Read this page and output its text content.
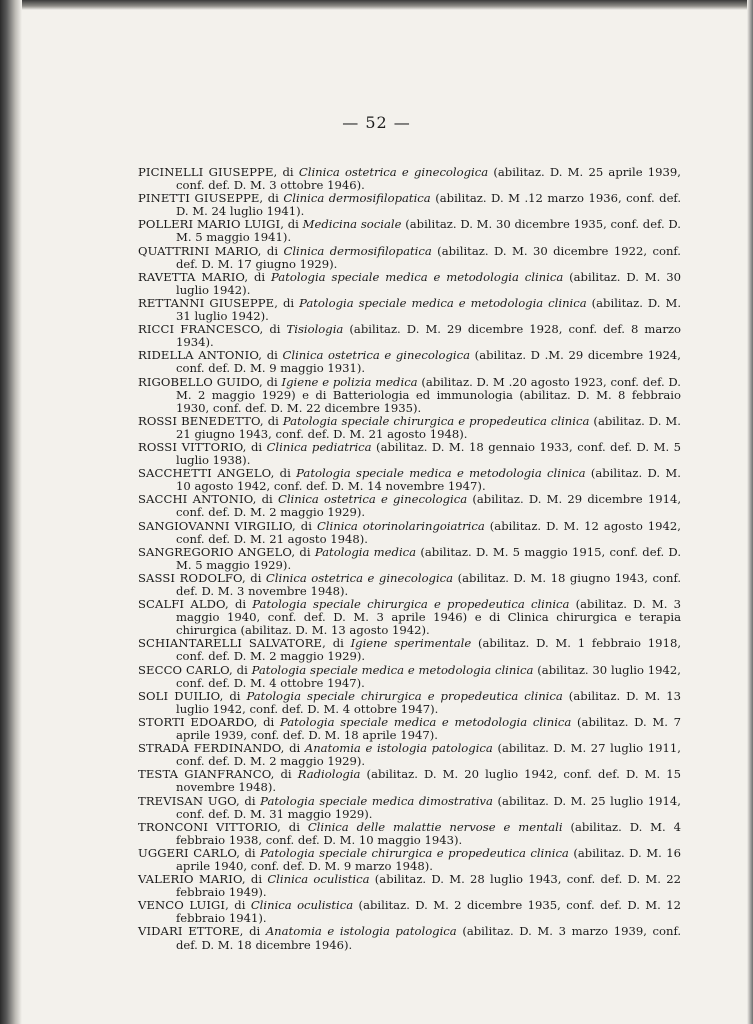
— 52 —
PICINELLI GIUSEPPE, di Clinica ostetrica e ginecologica (abilitaz. D. M. 25 aprile 1939, conf. def. D. M. 3 ottobre 1946).
PINETTI GIUSEPPE, di Clinica dermosifilopatica (abilitaz. D. M .12 marzo 1936, conf. def. D. M. 24 luglio 1941).
POLLERI MARIO LUIGI, di Medicina sociale (abilitaz. D. M. 30 dicembre 1935, conf. def. D. M. 5 maggio 1941).
QUATTRINI MARIO, di Clinica dermosifilopatica (abilitaz. D. M. 30 dicembre 1922, conf. def. D. M. 17 giugno 1929).
RAVETTA MARIO, di Patologia speciale medica e metodologia clinica (abilitaz. D. M. 30 luglio 1942).
RETTANNI GIUSEPPE, di Patologia speciale medica e metodologia clinica (abilitaz. D. M. 31 luglio 1942).
RICCI FRANCESCO, di Tisiologia (abilitaz. D. M. 29 dicembre 1928, conf. def. 8 marzo 1934).
RIDELLA ANTONIO, di Clinica ostetrica e ginecologica (abilitaz. D .M. 29 dicembre 1924, conf. def. D. M. 9 maggio 1931).
RIGOBELLO GUIDO, di Igiene e polizia medica (abilitaz. D. M .20 agosto 1923, conf. def. D. M. 2 maggio 1929) e di Batteriologia ed immunologia (abilitaz. D. M. 8 febbraio 1930, conf. def. D. M. 22 dicembre 1935).
ROSSI BENEDETTO, di Patologia speciale chirurgica e propedeutica clinica (abilitaz. D. M. 21 giugno 1943, conf. def. D. M. 21 agosto 1948).
ROSSI VITTORIO, di Clinica pediatrica (abilitaz. D. M. 18 gennaio 1933, conf. def. D. M. 5 luglio 1938).
SACCHETTI ANGELO, di Patologia speciale medica e metodologia clinica (abilitaz. D. M. 10 agosto 1942, conf. def. D. M. 14 novembre 1947).
SACCHI ANTONIO, di Clinica ostetrica e ginecologica (abilitaz. D. M. 29 dicembre 1914, conf. def. D. M. 2 maggio 1929).
SANGIOVANNI VIRGILIO, di Clinica otorinolaringoiatrica (abilitaz. D. M. 12 agosto 1942, conf. def. D. M. 21 agosto 1948).
SANGREGORIO ANGELO, di Patologia medica (abilitaz. D. M. 5 maggio 1915, conf. def. D. M. 5 maggio 1929).
SASSI RODOLFO, di Clinica ostetrica e ginecologica (abilitaz. D. M. 18 giugno 1943, conf. def. D. M. 3 novembre 1948).
SCALFI ALDO, di Patologia speciale chirurgica e propedeutica clinica (abilitaz. D. M. 3 maggio 1940, conf. def. D. M. 3 aprile 1946) e di Clinica chirurgica e terapia chirurgica (abilitaz. D. M. 13 agosto 1942).
SCHIANTARELLI SALVATORE, di Igiene sperimentale (abilitaz. D. M. 1 febbraio 1918, conf. def. D. M. 2 maggio 1929).
SECCO CARLO, di Patologia speciale medica e metodologia clinica (abilitaz. 30 luglio 1942, conf. def. D. M. 4 ottobre 1947).
SOLI DUILIO, di Patologia speciale chirurgica e propedeutica clinica (abilitaz. D. M. 13 luglio 1942, conf. def. D. M. 4 ottobre 1947).
STORTI EDOARDO, di Patologia speciale medica e metodologia clinica (abilitaz. D. M. 7 aprile 1939, conf. def. D. M. 18 aprile 1947).
STRADA FERDINANDO, di Anatomia e istologia patologica (abilitaz. D. M. 27 luglio 1911, conf. def. D. M. 2 maggio 1929).
TESTA GIANFRANCO, di Radiologia (abilitaz. D. M. 20 luglio 1942, conf. def. D. M. 15 novembre 1948).
TREVISAN UGO, di Patologia speciale medica dimostrativa (abilitaz. D. M. 25 luglio 1914, conf. def. D. M. 31 maggio 1929).
TRONCONI VITTORIO, di Clinica delle malattie nervose e mentali (abilitaz. D. M. 4 febbraio 1938, conf. def. D. M. 10 maggio 1943).
UGGERI CARLO, di Patologia speciale chirurgica e propedeutica clinica (abilitaz. D. M. 16 aprile 1940, conf. def. D. M. 9 marzo 1948).
VALERIO MARIO, di Clinica oculistica (abilitaz. D. M. 28 luglio 1943, conf. def. D. M. 22 febbraio 1949).
VENCO LUIGI, di Clinica oculistica (abilitaz. D. M. 2 dicembre 1935, conf. def. D. M. 12 febbraio 1941).
VIDARI ETTORE, di Anatomia e istologia patologica (abilitaz. D. M. 3 marzo 1939, conf. def. D. M. 18 dicembre 1946).
